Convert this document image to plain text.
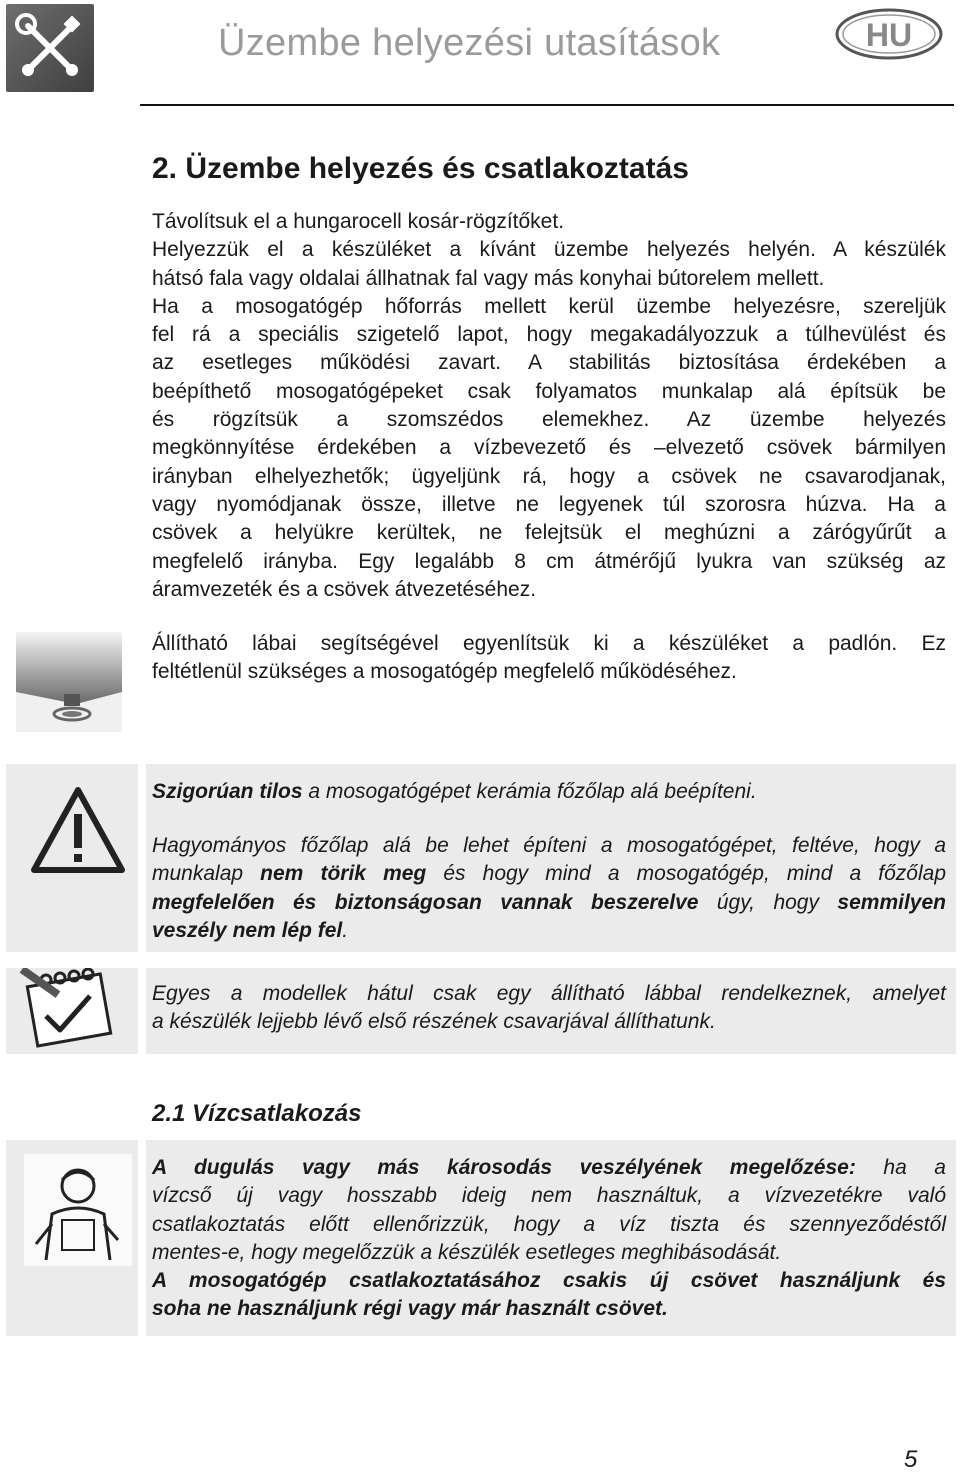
Üzembe helyezési utasítások	HU
2. Üzembe helyezés és csatlakoztatás
Távolítsuk el a hungarocell kosár-rögzítőket.
Helyezzük el a készüléket a kívánt üzembe helyezés helyén. A készülék
hátsó fala vagy oldalai állhatnak fal vagy más konyhai bútorelem mellett.
Ha a mosogatógép hőforrás mellett kerül üzembe helyezésre, szereljük
fel rá a speciális szigetelő lapot, hogy megakadályozzuk a túlhevülést és
az esetleges működési zavart. A stabilitás biztosítása érdekében a
beépíthető mosogatógépeket csak folyamatos munkalap alá építsük be
és rögzítsük a szomszédos elemekhez. Az üzembe helyezés
megkönnyítése érdekében a vízbevezető és –elvezető csövek bármilyen
irányban elhelyezhetők; ügyeljünk rá, hogy a csövek ne csavarodjanak,
vagy nyomódjanak össze, illetve ne legyenek túl szorosra húzva. Ha a
csövek a helyükre kerültek, ne felejtsük el meghúzni a zárógyűrűt a
megfelelő irányba. Egy legalább 8 cm átmérőjű lyukra van szükség az
áramvezeték és a csövek átvezetéséhez.
Állítható lábai segítségével egyenlítsük ki a készüléket a padlón. Ez
feltétlenül szükséges a mosogatógép megfelelő működéséhez.
Szigorúan tilos a mosogatógépet kerámia főzőlap alá beépíteni.
Hagyományos főzőlap alá be lehet építeni a mosogatógépet, feltéve, hogy a
munkalap nem törik meg és hogy mind a mosogatógép, mind a főzőlap
megfelelően és biztonságosan vannak beszerelve úgy, hogy semmilyen
veszély nem lép fel.
Egyes a modellek hátul csak egy állítható lábbal rendelkeznek, amelyet
a készülék lejjebb lévő első részének csavarjával állíthatunk.
2.1 Vízcsatlakozás
A dugulás vagy más károsodás veszélyének megelőzése: ha a
vízcső új vagy hosszabb ideig nem használtuk, a vízvezetékre való
csatlakoztatás előtt ellenőrizzük, hogy a víz tiszta és szennyeződéstől
mentes-e, hogy megelőzzük a készülék esetleges meghibásodását.
A mosogatógép csatlakoztatásához csakis új csövet használjunk és
soha ne használjunk régi vagy már használt csövet.
5
